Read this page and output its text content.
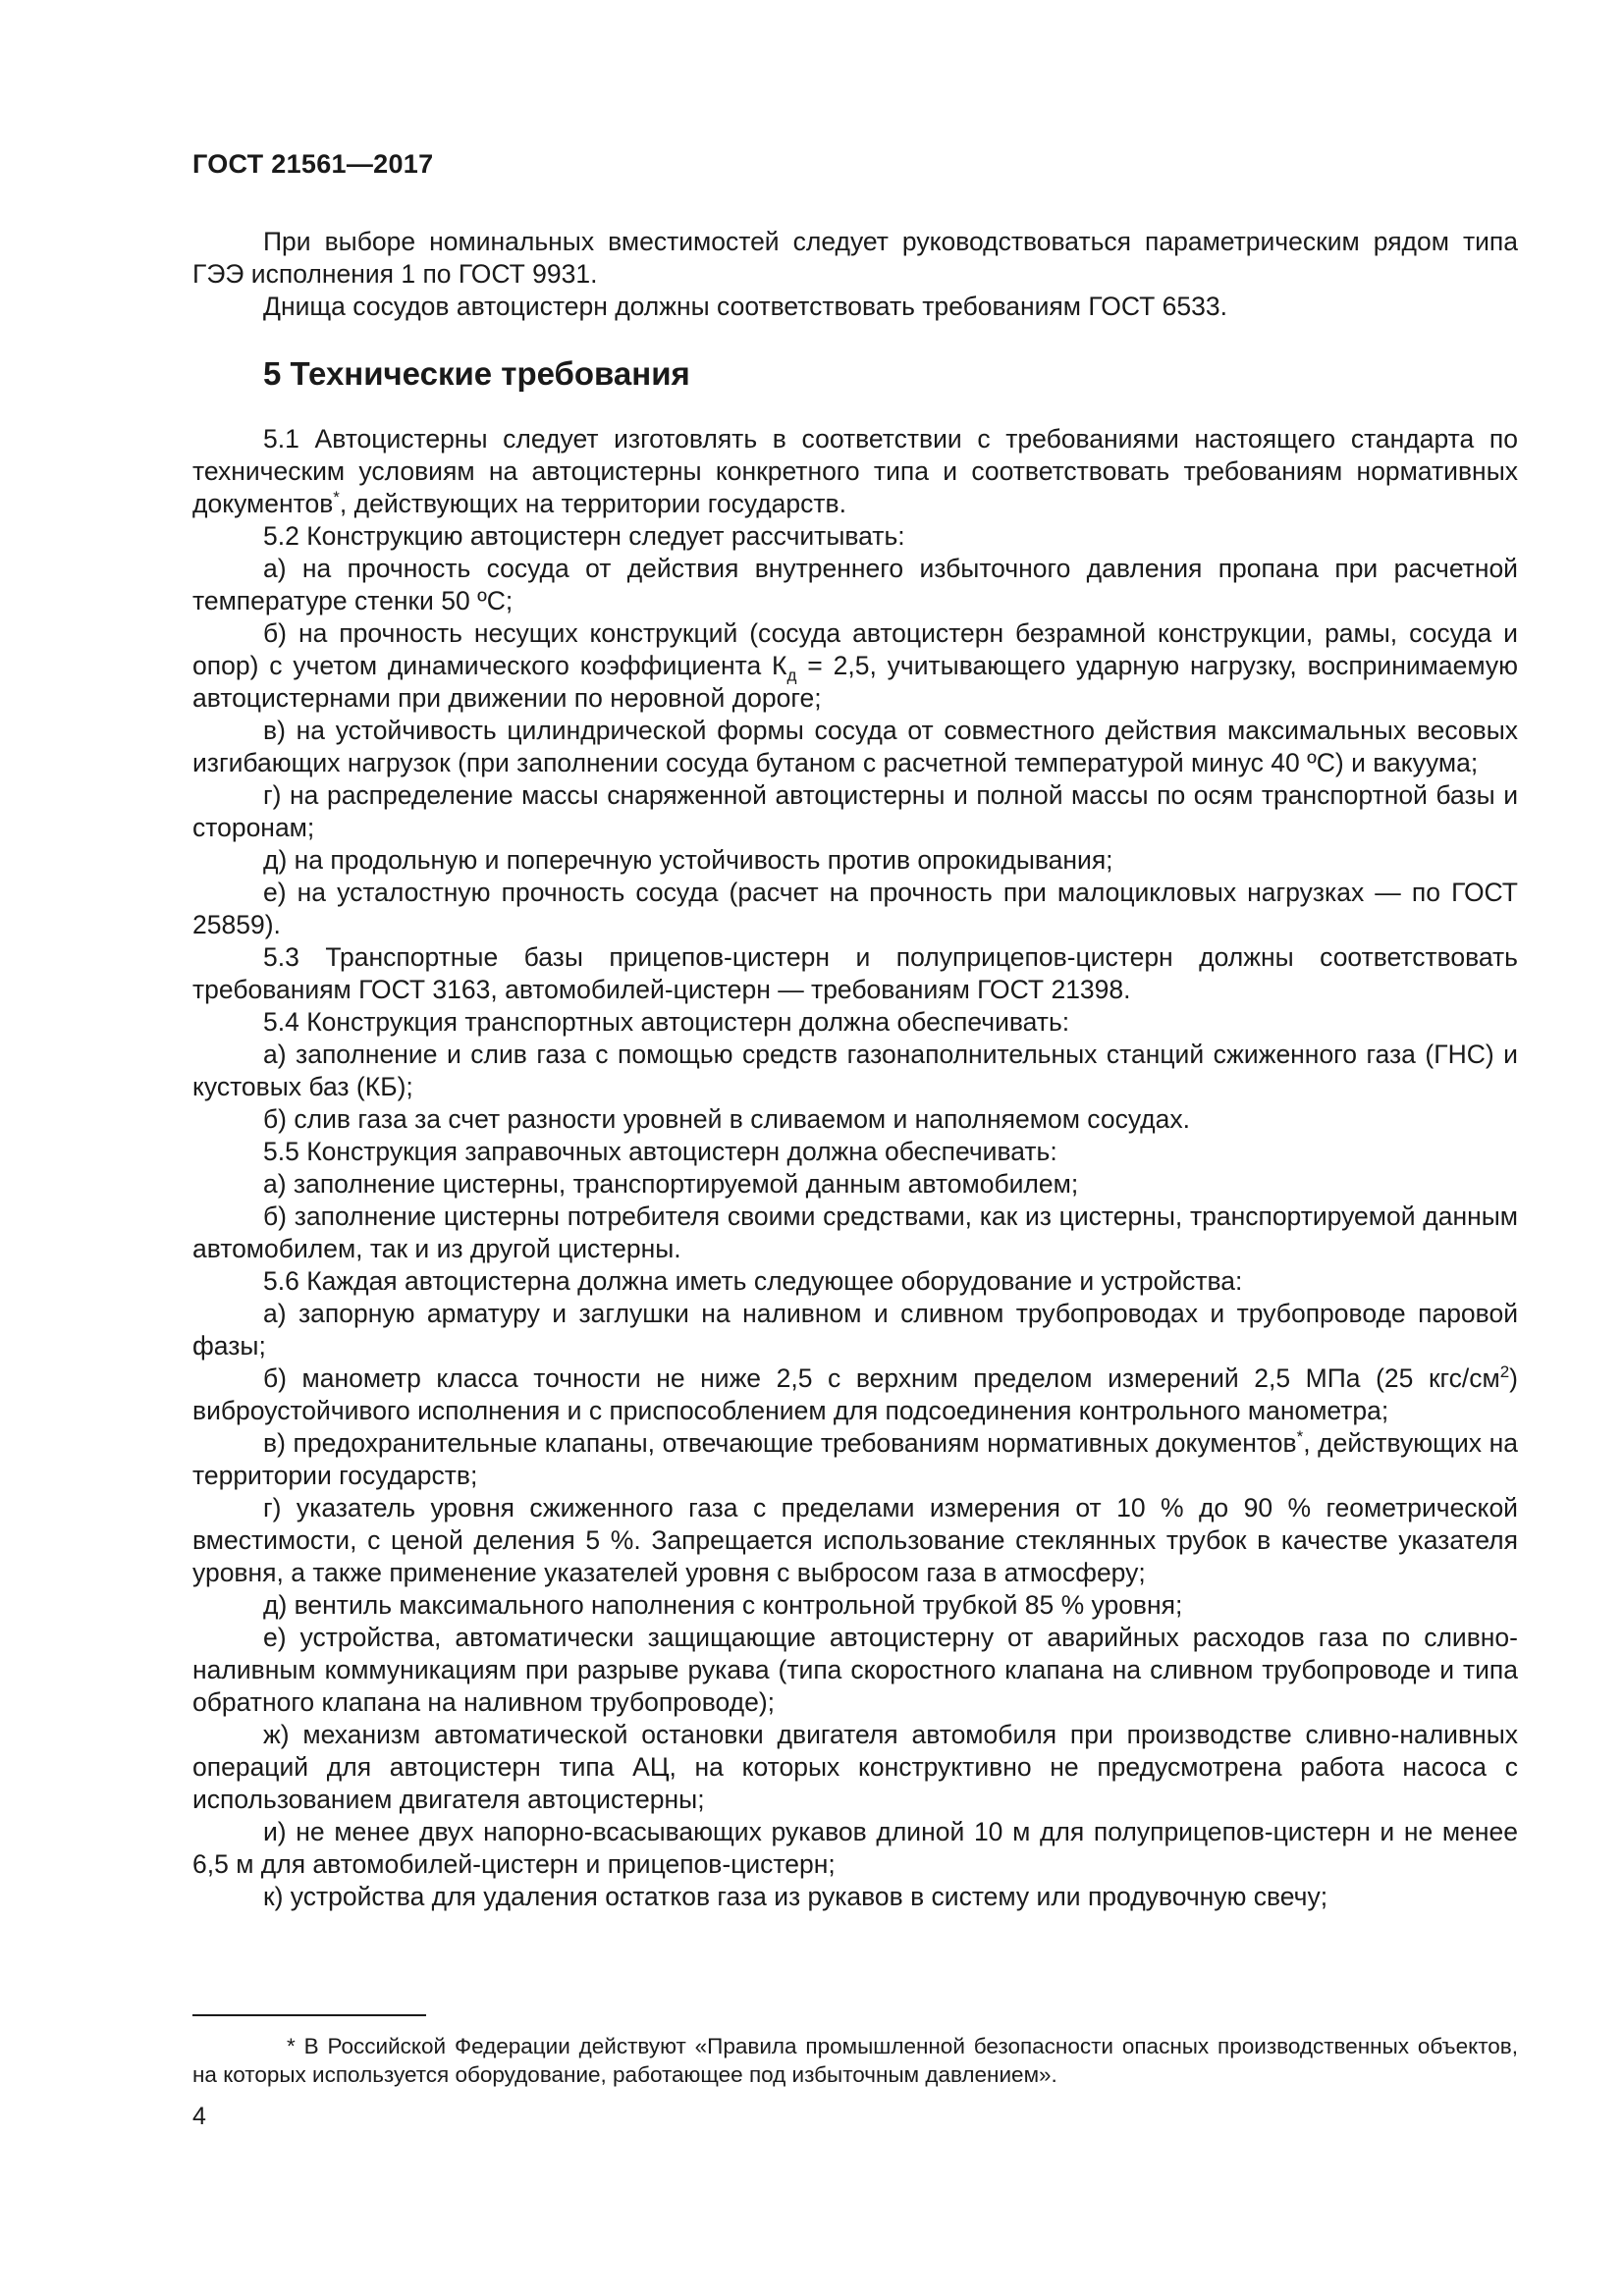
ГОСТ 21561—2017

При выборе номинальных вместимостей следует руководствоваться параметрическим рядом типа ГЭЭ исполнения 1 по ГОСТ 9931.

Днища сосудов автоцистерн должны соответствовать требованиям ГОСТ 6533.

5 Технические требования

5.1 Автоцистерны следует изготовлять в соответствии с требованиями настоящего стандарта по техническим условиям на автоцистерны конкретного типа и соответствовать требованиям нормативных документов*, действующих на территории государств.

5.2 Конструкцию автоцистерн следует рассчитывать:

а) на прочность сосуда от действия внутреннего избыточного давления пропана при расчетной температуре стенки 50 ºС;

б) на прочность несущих конструкций (сосуда автоцистерн безрамной конструкции, рамы, сосуда и опор) с учетом динамического коэффициента $К_д = 2,5$, учитывающего ударную нагрузку, воспринимаемую автоцистернами при движении по неровной дороге;

в) на устойчивость цилиндрической формы сосуда от совместного действия максимальных весовых изгибающих нагрузок (при заполнении сосуда бутаном с расчетной температурой минус 40 ºС) и вакуума;

г) на распределение массы снаряженной автоцистерны и полной массы по осям транспортной базы и сторонам;

д) на продольную и поперечную устойчивость против опрокидывания;

е) на усталостную прочность сосуда (расчет на прочность при малоцикловых нагрузках — по ГОСТ 25859).

5.3 Транспортные базы прицепов-цистерн и полуприцепов-цистерн должны соответствовать требованиям ГОСТ 3163, автомобилей-цистерн — требованиям ГОСТ 21398.

5.4 Конструкция транспортных автоцистерн должна обеспечивать:

а) заполнение и слив газа с помощью средств газонаполнительных станций сжиженного газа (ГНС) и кустовых баз (КБ);

б) слив газа за счет разности уровней в сливаемом и наполняемом сосудах.

5.5 Конструкция заправочных автоцистерн должна обеспечивать:

а) заполнение цистерны, транспортируемой данным автомобилем;

б) заполнение цистерны потребителя своими средствами, как из цистерны, транспортируемой данным автомобилем, так и из другой цистерны.

5.6 Каждая автоцистерна должна иметь следующее оборудование и устройства:

а) запорную арматуру и заглушки на наливном и сливном трубопроводах и трубопроводе паровой фазы;

б) манометр класса точности не ниже 2,5 с верхним пределом измерений 2,5 МПа (25 кгс/$см^2$) виброустойчивого исполнения и с приспособлением для подсоединения контрольного манометра;

в) предохранительные клапаны, отвечающие требованиям нормативных документов*, действующих на территории государств;

г) указатель уровня сжиженного газа с пределами измерения от 10 % до 90 % геометрической вместимости, с ценой деления 5 %. Запрещается использование стеклянных трубок в качестве указателя уровня, а также применение указателей уровня с выбросом газа в атмосферу;

д) вентиль максимального наполнения с контрольной трубкой 85 % уровня;

е) устройства, автоматически защищающие автоцистерну от аварийных расходов газа по сливно-наливным коммуникациям при разрыве рукава (типа скоростного клапана на сливном трубопроводе и типа обратного клапана на наливном трубопроводе);

ж) механизм автоматической остановки двигателя автомобиля при производстве сливно-наливных операций для автоцистерн типа АЦ, на которых конструктивно не предусмотрена работа насоса с использованием двигателя автоцистерны;

и) не менее двух напорно-всасывающих рукавов длиной 10 м для полуприцепов-цистерн и не менее 6,5 м для автомобилей-цистерн и прицепов-цистерн;

к) устройства для удаления остатков газа из рукавов в систему или продувочную свечу;

* В Российской Федерации действуют «Правила промышленной безопасности опасных производственных объектов, на которых используется оборудование, работающее под избыточным давлением».

4
